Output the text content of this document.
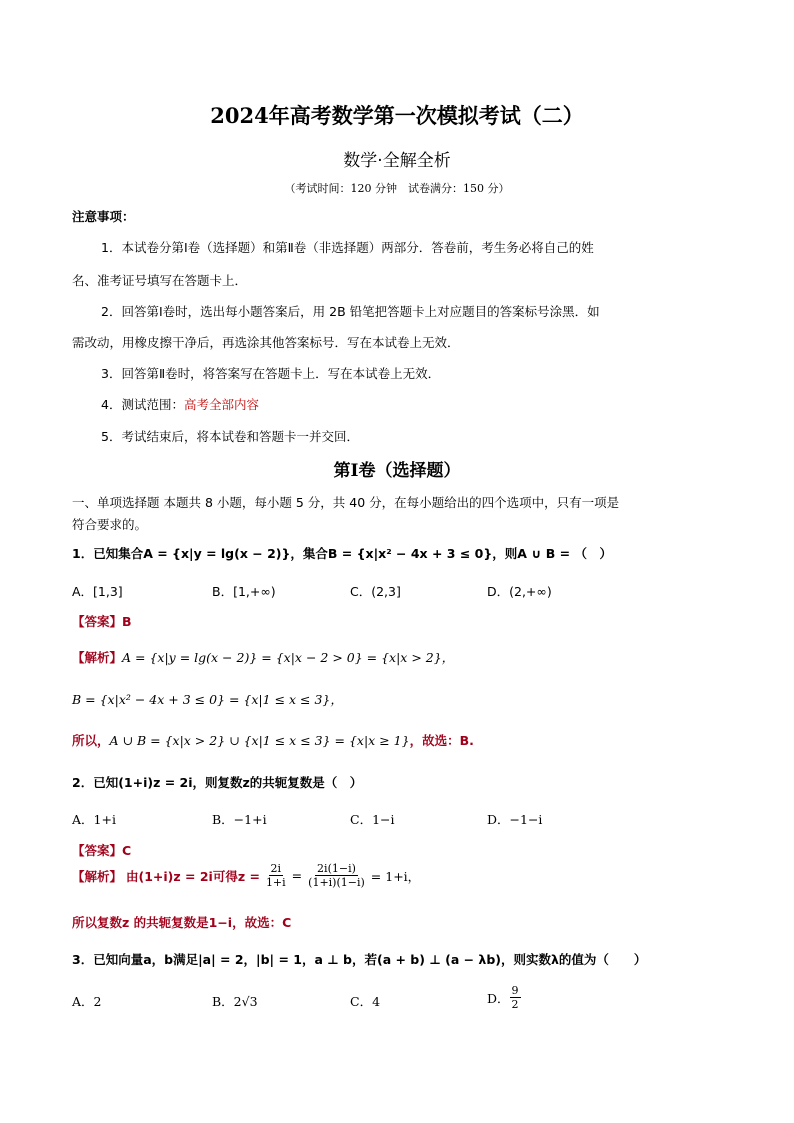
2024年高考数学第一次模拟考试（二）
数学·全解全析
（考试时间：120 分钟　试卷满分：150 分）
注意事项：
1．本试卷分第Ⅰ卷（选择题）和第Ⅱ卷（非选择题）两部分．答卷前，考生务必将自己的姓
名、准考证号填写在答题卡上．
2．回答第Ⅰ卷时，选出每小题答案后，用 2B 铅笔把答题卡上对应题目的答案标号涂黑．如
需改动，用橡皮擦干净后，再选涂其他答案标号．写在本试卷上无效．
3．回答第Ⅱ卷时，将答案写在答题卡上．写在本试卷上无效．
4．测试范围：高考全部内容
5．考试结束后，将本试卷和答题卡一并交回．
第Ⅰ卷（选择题）
一、单项选择题 本题共 8 小题，每小题 5 分，共 40 分，在每小题给出的四个选项中，只有一项是
符合要求的。
1．已知集合A = {x|y = lg(x − 2)}，集合B = {x|x² − 4x + 3 ≤ 0}，则A ∪ B = （　）
A．[1,3]	B．[1,+∞)	C．(2,3]	D．(2,+∞)
【答案】B
【解析】A = {x|y = lg(x − 2)} = {x|x − 2 > 0} = {x|x > 2}，
B = {x|x² − 4x + 3 ≤ 0} = {x|1 ≤ x ≤ 3}，
所以，A ∪ B = {x|x > 2} ∪ {x|1 ≤ x ≤ 3} = {x|x ≥ 1}，故选：B.
2．已知(1+i)z = 2i，则复数z的共轭复数是（　）
A．1+i	B．−1+i	C．1−i	D．−1−i
【答案】C
【解析】 由(1+i)z = 2i可得$z = \frac{2i}{1+i} = \frac{2i(1-i)}{(1+i)(1-i)} = 1+i$，
所以复数z 的共轭复数是1−i，故选：C
3．已知向量a，b满足|a| = 2，|b| = 1，a ⊥ b，若(a + b) ⊥ (a − λb)，则实数λ的值为（　　）
A．2	B．2√3	C．4	D． $\frac{9}{2}$
